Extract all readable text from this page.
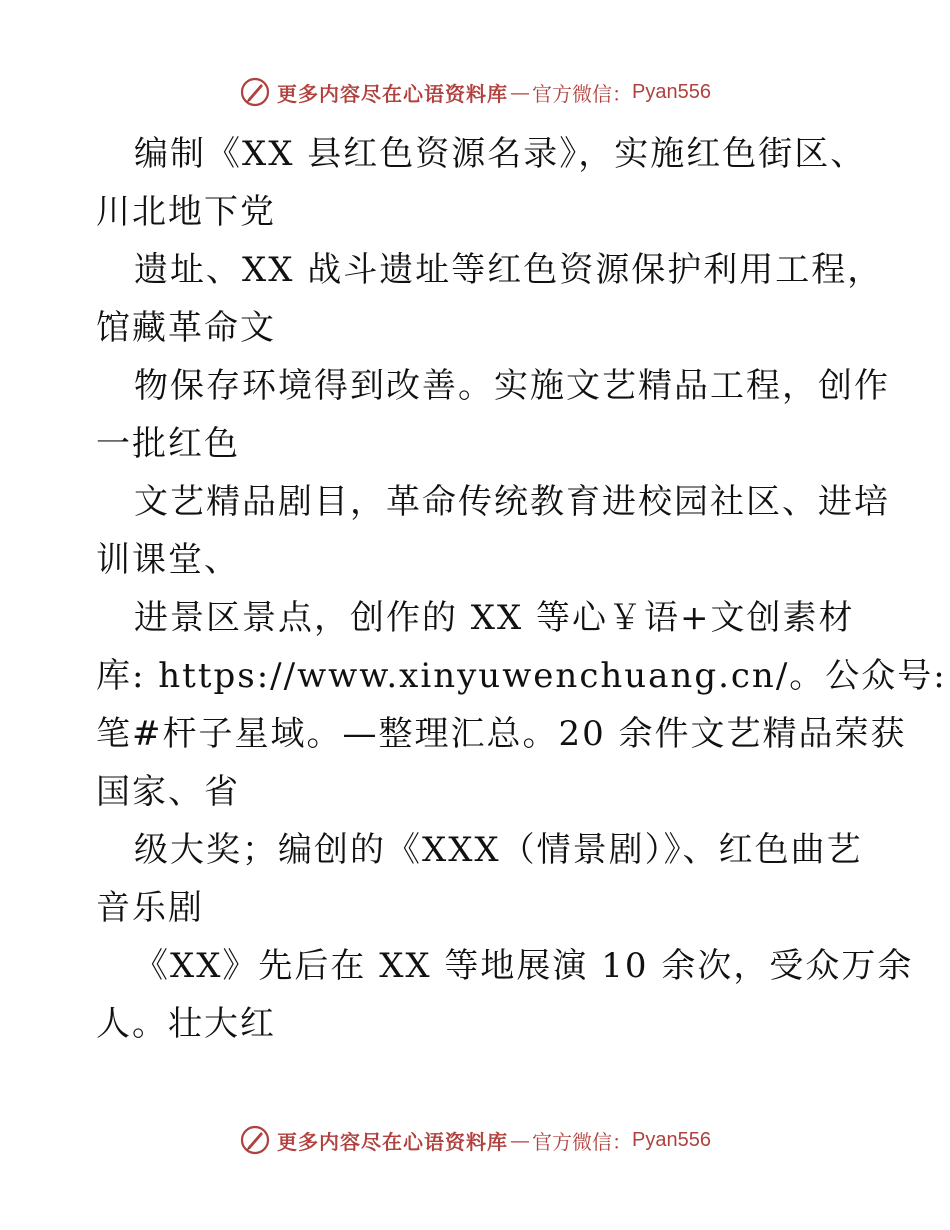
更多内容尽在心语资料库 — 官方微信： Pyan556
编制《XX 县红色资源名录》，实施红色街区、
川北地下党
遗址、XX 战斗遗址等红色资源保护利用工程，
馆藏革命文
物保存环境得到改善。实施文艺精品工程，创作
一批红色
文艺精品剧目，革命传统教育进校园社区、进培
训课堂、
进景区景点，创作的 XX 等心￥语+文创素材
库: https://www.xinyuwenchuang.cn/。公众号:
笔#杆子星域。—整理汇总。20 余件文艺精品荣获
国家、省
级大奖；编创的《XXX（情景剧）》、红色曲艺
音乐剧
《XX》先后在 XX 等地展演 10 余次，受众万余
人。壮大红
更多内容尽在心语资料库 — 官方微信： Pyan556
